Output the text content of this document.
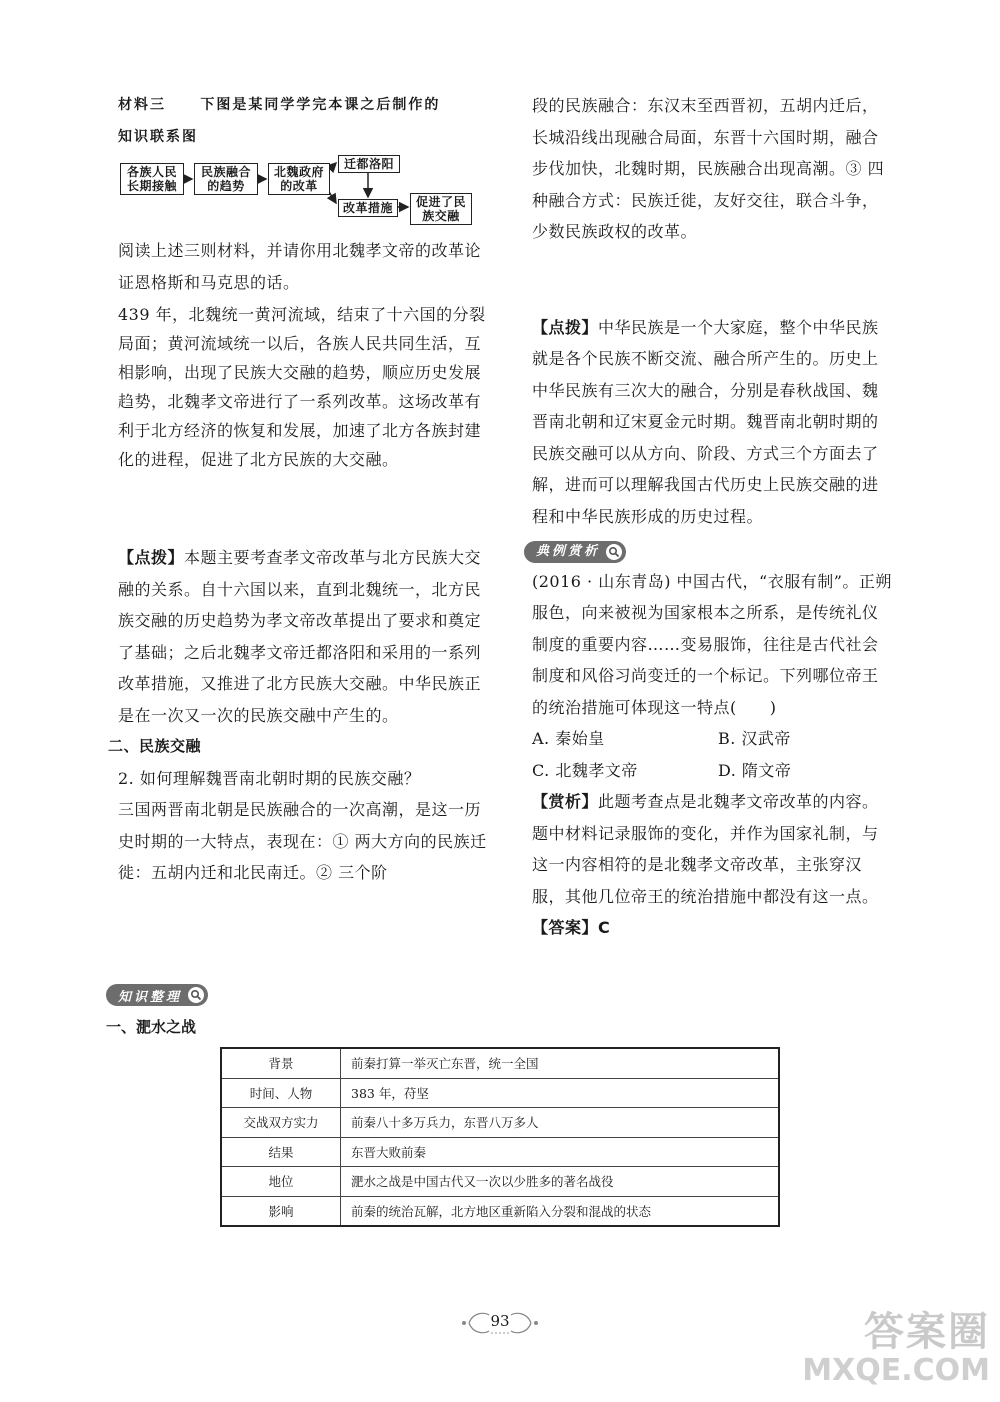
材料三 下图是某同学学完本课之后制作的

知识联系图

各族人民长期接触
民族融合的趋势
北魏政府的改革
迁都洛阳
改革措施	促进了民族交融

阅读上述三则材料，并请你用北魏孝文帝的改革论证恩格斯和马克思的话。

439 年，北魏统一黄河流域，结束了十六国的分裂局面；黄河流域统一以后，各族人民共同生活，互相影响，出现了民族大交融的趋势，顺应历史发展趋势，北魏孝文帝进行了一系列改革。这场改革有利于北方经济的恢复和发展，加速了北方各族封建化的进程，促进了北方民族的大交融。

【点拨】本题主要考查孝文帝改革与北方民族大交融的关系。自十六国以来，直到北魏统一，北方民族交融的历史趋势为孝文帝改革提出了要求和奠定了基础；之后北魏孝文帝迁都洛阳和采用的一系列改革措施，又推进了北方民族大交融。中华民族正是在一次又一次的民族交融中产生的。

二、民族交融

2. 如何理解魏晋南北朝时期的民族交融？

三国两晋南北朝是民族融合的一次高潮，是这一历史时期的一大特点，表现在：① 两大方向的民族迁徙：五胡内迁和北民南迁。② 三个阶

段的民族融合：东汉末至西晋初，五胡内迁后，长城沿线出现融合局面，东晋十六国时期，融合步伐加快，北魏时期，民族融合出现高潮。③ 四种融合方式：民族迁徙，友好交往，联合斗争，少数民族政权的改革。

【点拨】中华民族是一个大家庭，整个中华民族就是各个民族不断交流、融合所产生的。历史上中华民族有三次大的融合，分别是春秋战国、魏晋南北朝和辽宋夏金元时期。魏晋南北朝时期的民族交融可以从方向、阶段、方式三个方面去了解，进而可以理解我国古代历史上民族交融的进程和中华民族形成的历史过程。

典例赏析

(2016 · 山东青岛) 中国古代，“衣服有制”。正朔服色，向来被视为国家根本之所系，是传统礼仪制度的重要内容……变易服饰，往往是古代社会制度和风俗习尚变迁的一个标记。下列哪位帝王的统治措施可体现这一特点(　　)

A. 秦始皇	B. 汉武帝
C. 北魏孝文帝	D. 隋文帝

【赏析】此题考查点是北魏孝文帝改革的内容。题中材料记录服饰的变化，并作为国家礼制，与这一内容相符的是北魏孝文帝改革，主张穿汉服，其他几位帝王的统治措施中都没有这一点。

【答案】C

知识整理
一、淝水之战
背景	前秦打算一举灭亡东晋，统一全国
时间、人物	383 年，苻坚
交战双方实力	前秦八十多万兵力，东晋八万多人
结果	东晋大败前秦
地位	淝水之战是中国古代又一次以少胜多的著名战役
影响	前秦的统治瓦解，北方地区重新陷入分裂和混战的状态
93	答案圈
MXQE.COM
